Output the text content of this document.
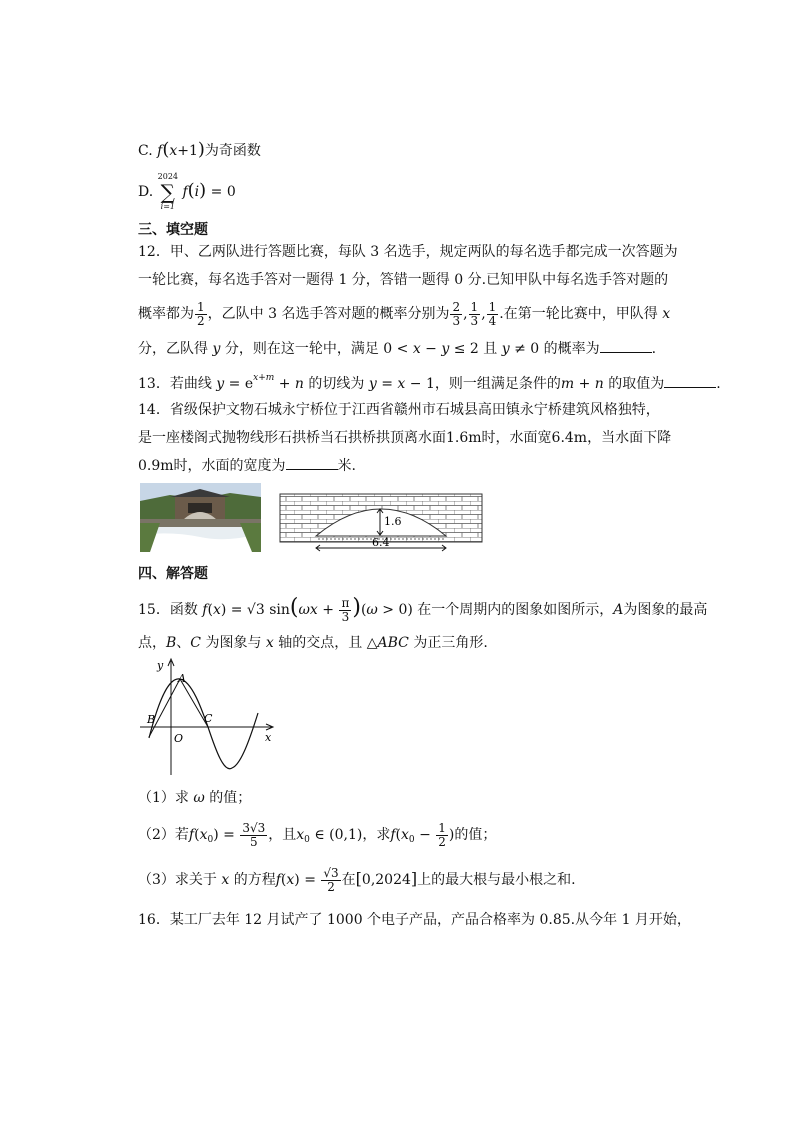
C. f(x+1)为奇函数
D.
2024
∑
i=1
f(i) = 0
三、填空题
12．甲、乙两队进行答题比赛，每队 3 名选手，规定两队的每名选手都完成一次答题为
一轮比赛，每名选手答对一题得 1 分，答错一题得 0 分.已知甲队中每名选手答对题的
概率都为 $\frac{1}{2}$ ，乙队中 3 名选手答对题的概率分别为 $\frac{2}{3}$ , $\frac{1}{3}$ , $\frac{1}{4}$ .在第一轮比赛中，甲队得 x
分，乙队得 y 分，则在这一轮中，满足 0 < x − y ≤ 2 且 y ≠ 0 的概率为	.
13．若曲线 $y = e^{x+m} + n$ 的切线为 y = x − 1，则一组满足条件的m + n 的取值为	.
14．省级保护文物石城永宁桥位于江西省赣州市石城县高田镇永宁桥建筑风格独特，
是一座楼阁式抛物线形石拱桥当石拱桥拱顶离水面1.6m时，水面宽6.4m，当水面下降
0.9m时，水面的宽度为	米.
1.6
6.4
四、解答题
15．函数 f(x) = √3 $\sin(\omega x + \frac{\pi}{3} )(\omega > 0)$ 在一个周期内的图象如图所示，A为图象的最高
点，B、C 为图象与 x 轴的交点，且 △ABC 为正三角形.
y
x
A
B	C
O
（1）求 ω 的值；
（2）若$f(x_0) = \frac{3√3}{5}$ ，且$x_0$ ∈ (0,1)，求$f(x_0 - \frac{1}{2}$ )的值；
（3）求关于 x 的方程$f(x) = \frac{√3}{2}$ 在[0,2024]上的最大根与最小根之和.
16．某工厂去年 12 月试产了 1000 个电子产品，产品合格率为 0.85.从今年 1 月开始，
